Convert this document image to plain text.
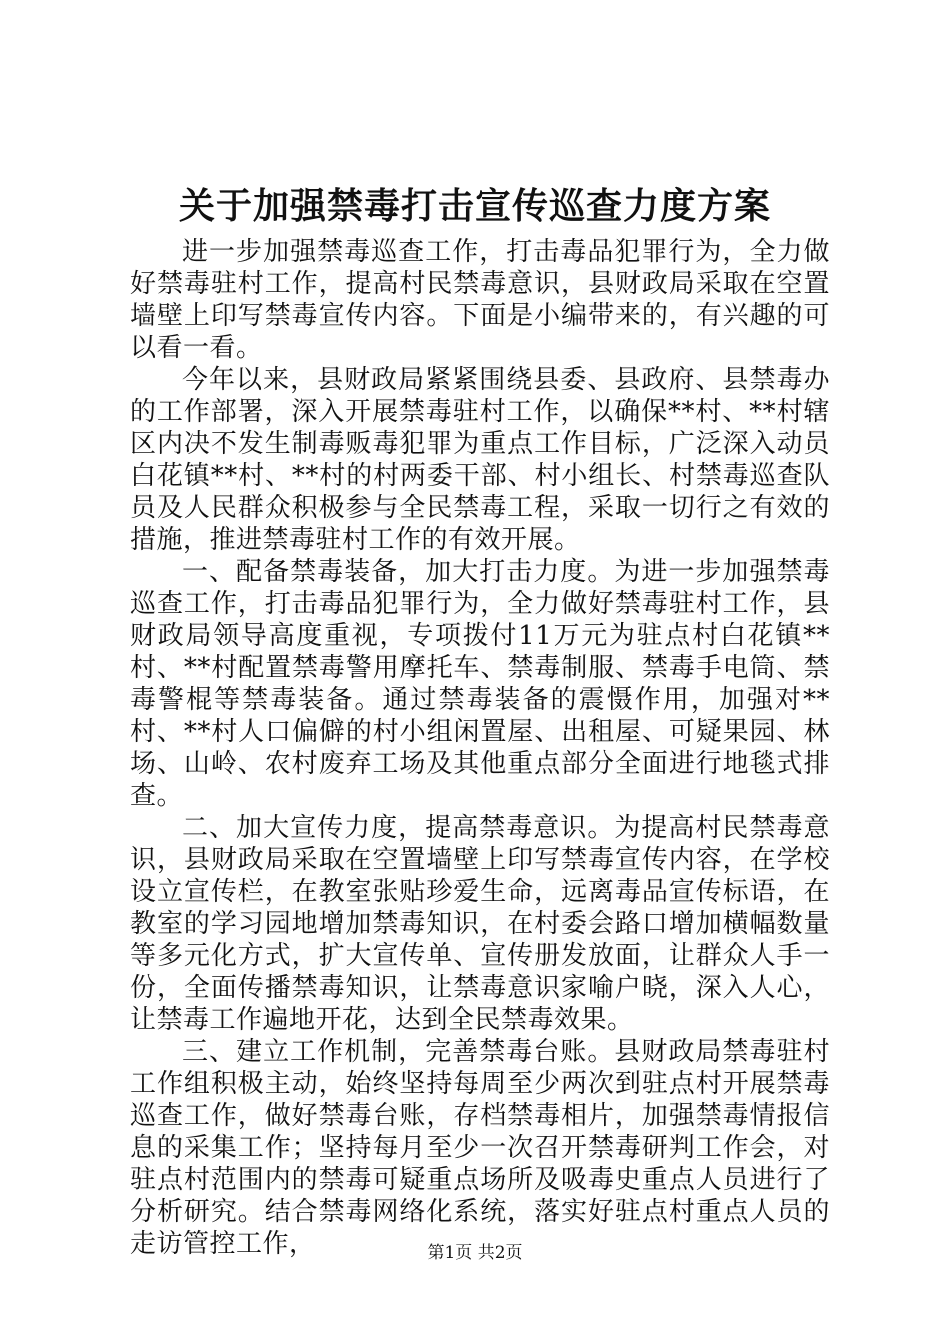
关于加强禁毒打击宣传巡查力度方案

进一步加强禁毒巡查工作，打击毒品犯罪行为，全力做好禁毒驻村工作，提高村民禁毒意识，县财政局采取在空置墙壁上印写禁毒宣传内容。下面是小编带来的，有兴趣的可以看一看。

今年以来，县财政局紧紧围绕县委、县政府、县禁毒办的工作部署，深入开展禁毒驻村工作，以确保**村、**村辖区内决不发生制毒贩毒犯罪为重点工作目标，广泛深入动员白花镇**村、**村的村两委干部、村小组长、村禁毒巡查队员及人民群众积极参与全民禁毒工程，采取一切行之有效的措施，推进禁毒驻村工作的有效开展。

一、配备禁毒装备，加大打击力度。为进一步加强禁毒巡查工作，打击毒品犯罪行为，全力做好禁毒驻村工作，县财政局领导高度重视，专项拨付11万元为驻点村白花镇**村、**村配置禁毒警用摩托车、禁毒制服、禁毒手电筒、禁毒警棍等禁毒装备。通过禁毒装备的震慑作用，加强对**村、**村人口偏僻的村小组闲置屋、出租屋、可疑果园、林场、山岭、农村废弃工场及其他重点部分全面进行地毯式排查。

二、加大宣传力度，提高禁毒意识。为提高村民禁毒意识，县财政局采取在空置墙壁上印写禁毒宣传内容，在学校设立宣传栏，在教室张贴珍爱生命，远离毒品宣传标语，在教室的学习园地增加禁毒知识，在村委会路口增加横幅数量等多元化方式，扩大宣传单、宣传册发放面，让群众人手一份，全面传播禁毒知识，让禁毒意识家喻户晓，深入人心，让禁毒工作遍地开花，达到全民禁毒效果。

三、建立工作机制，完善禁毒台账。县财政局禁毒驻村工作组积极主动，始终坚持每周至少两次到驻点村开展禁毒巡查工作，做好禁毒台账，存档禁毒相片，加强禁毒情报信息的采集工作；坚持每月至少一次召开禁毒研判工作会，对驻点村范围内的禁毒可疑重点场所及吸毒史重点人员进行了分析研究。结合禁毒网络化系统，落实好驻点村重点人员的走访管控工作，	第1页 共2页
